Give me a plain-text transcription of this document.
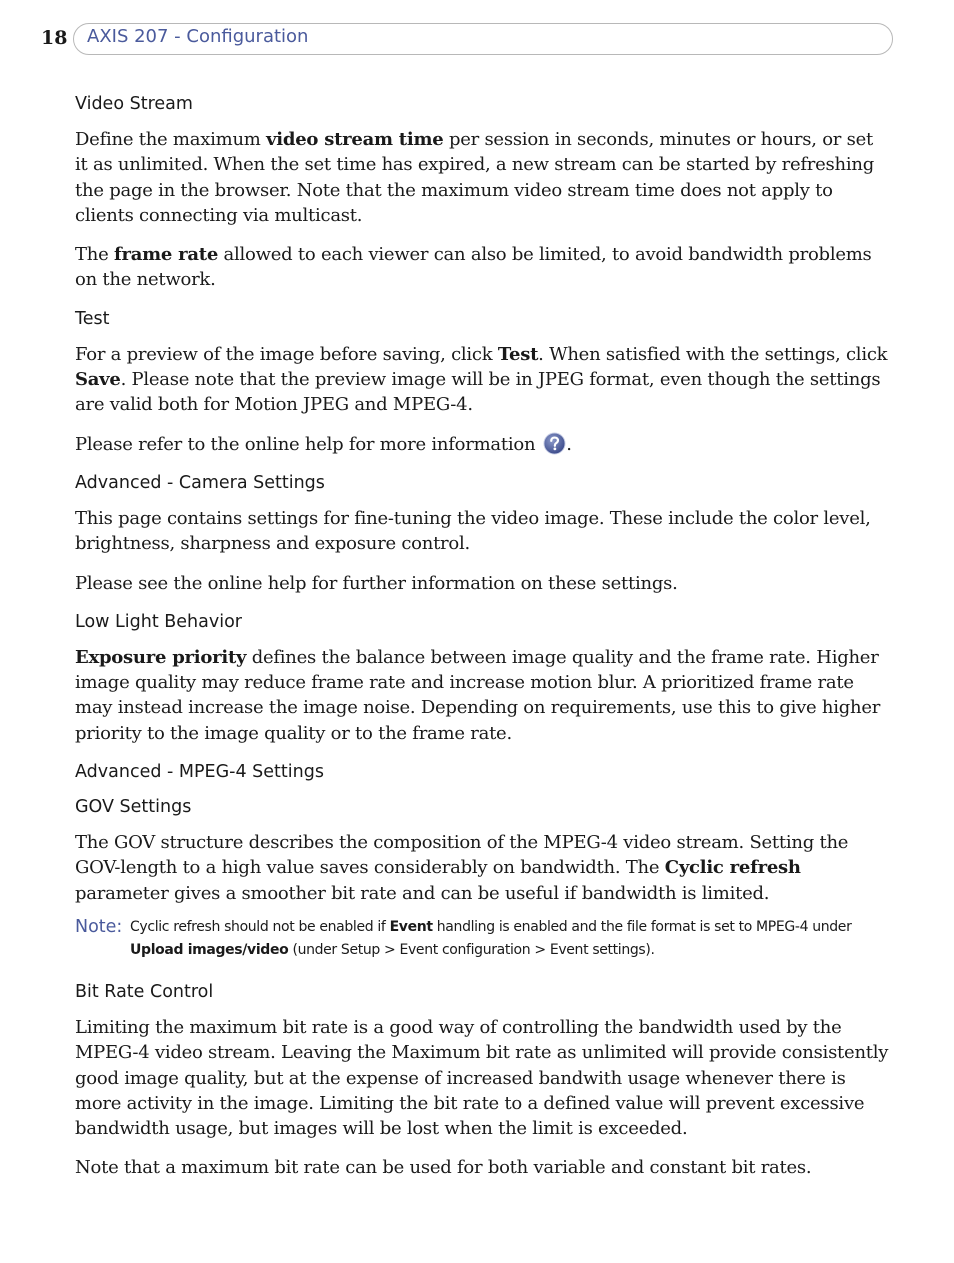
18 AXIS 207 - Configuration
Video Stream

Define the maximum video stream time per session in seconds, minutes or hours, or set it as unlimited. When the set time has expired, a new stream can be started by refreshing the page in the browser. Note that the maximum video stream time does not apply to clients connecting via multicast.

The frame rate allowed to each viewer can also be limited, to avoid bandwidth problems on the network.

Test

For a preview of the image before saving, click Test. When satisfied with the settings, click Save. Please note that the preview image will be in JPEG format, even though the settings are valid both for Motion JPEG and MPEG-4.

Please refer to the online help for more information .

Advanced - Camera Settings

This page contains settings for fine-tuning the video image. These include the color level, brightness, sharpness and exposure control.

Please see the online help for further information on these settings.

Low Light Behavior

Exposure priority defines the balance between image quality and the frame rate. Higher image quality may reduce frame rate and increase motion blur. A prioritized frame rate may instead increase the image noise. Depending on requirements, use this to give higher priority to the image quality or to the frame rate.

Advanced - MPEG-4 Settings
GOV Settings

The GOV structure describes the composition of the MPEG-4 video stream. Setting the GOV-length to a high value saves considerably on bandwidth. The Cyclic refresh parameter gives a smoother bit rate and can be useful if bandwidth is limited.

Note: Cyclic refresh should not be enabled if Event handling is enabled and the file format is set to MPEG-4 under Upload images/video (under Setup > Event configuration > Event settings).
Bit Rate Control

Limiting the maximum bit rate is a good way of controlling the bandwidth used by the MPEG-4 video stream. Leaving the Maximum bit rate as unlimited will provide consistently good image quality, but at the expense of increased bandwith usage whenever there is more activity in the image. Limiting the bit rate to a defined value will prevent excessive bandwidth usage, but images will be lost when the limit is exceeded.

Note that a maximum bit rate can be used for both variable and constant bit rates.
